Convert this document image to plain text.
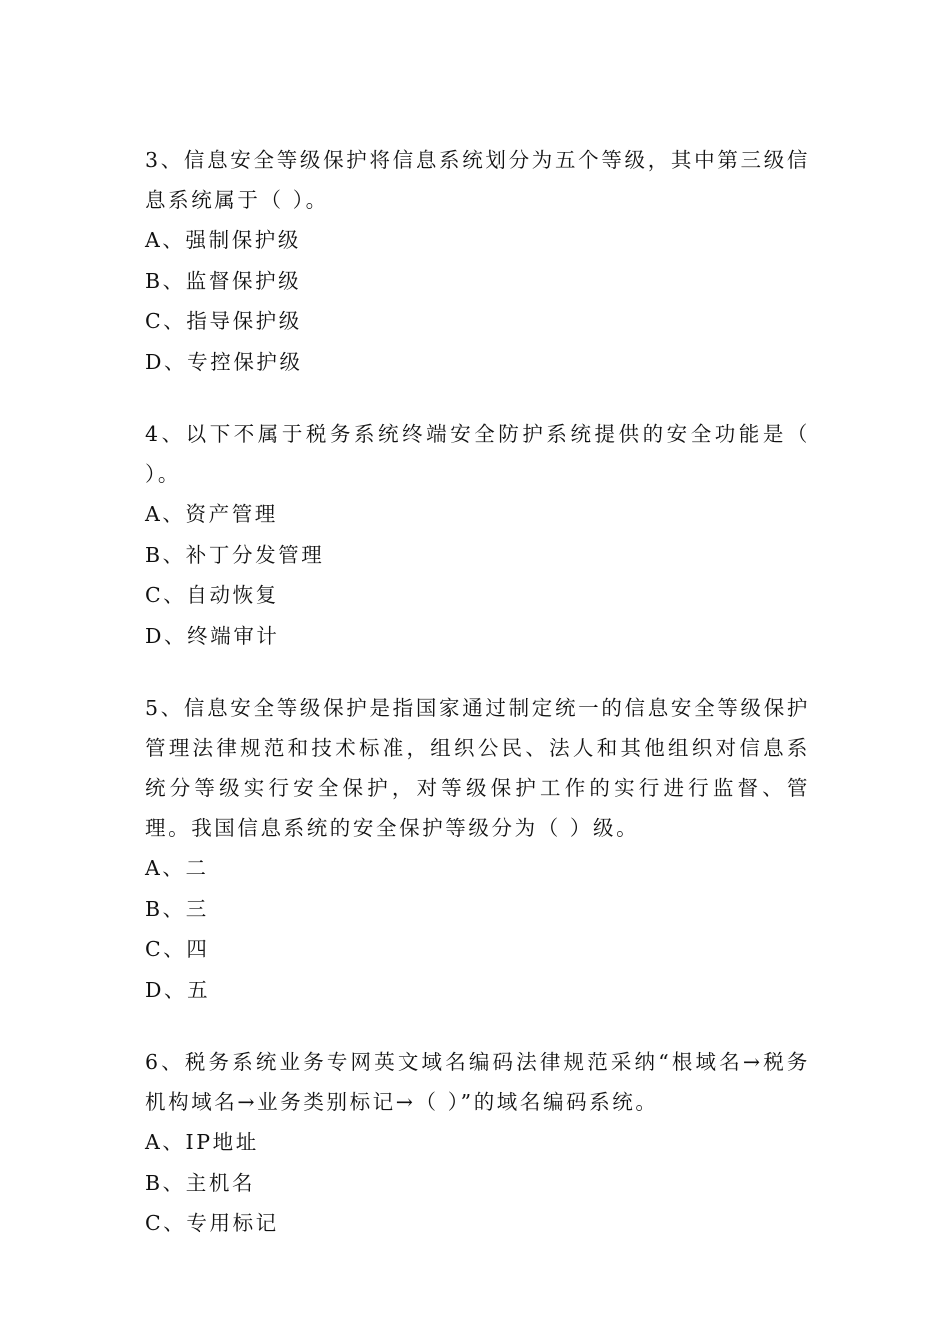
3、信息安全等级保护将信息系统划分为五个等级，其中第三级信息系统属于（ ）。

A、强制保护级
B、监督保护级
C、指导保护级
D、专控保护级

4、以下不属于税务系统终端安全防护系统提供的安全功能是（ ）。

A、资产管理
B、补丁分发管理
C、自动恢复
D、终端审计

5、信息安全等级保护是指国家通过制定统一的信息安全等级保护管理法律规范和技术标准，组织公民、法人和其他组织对信息系统分等级实行安全保护，对等级保护工作的实行进行监督、管理。我国信息系统的安全保护等级分为（ ）级。

A、二
B、三
C、四
D、五

6、税务系统业务专网英文域名编码法律规范采纳“根域名→税务机构域名→业务类别标记→（ ）”的域名编码系统。

A、IP地址
B、主机名
C、专用标记
